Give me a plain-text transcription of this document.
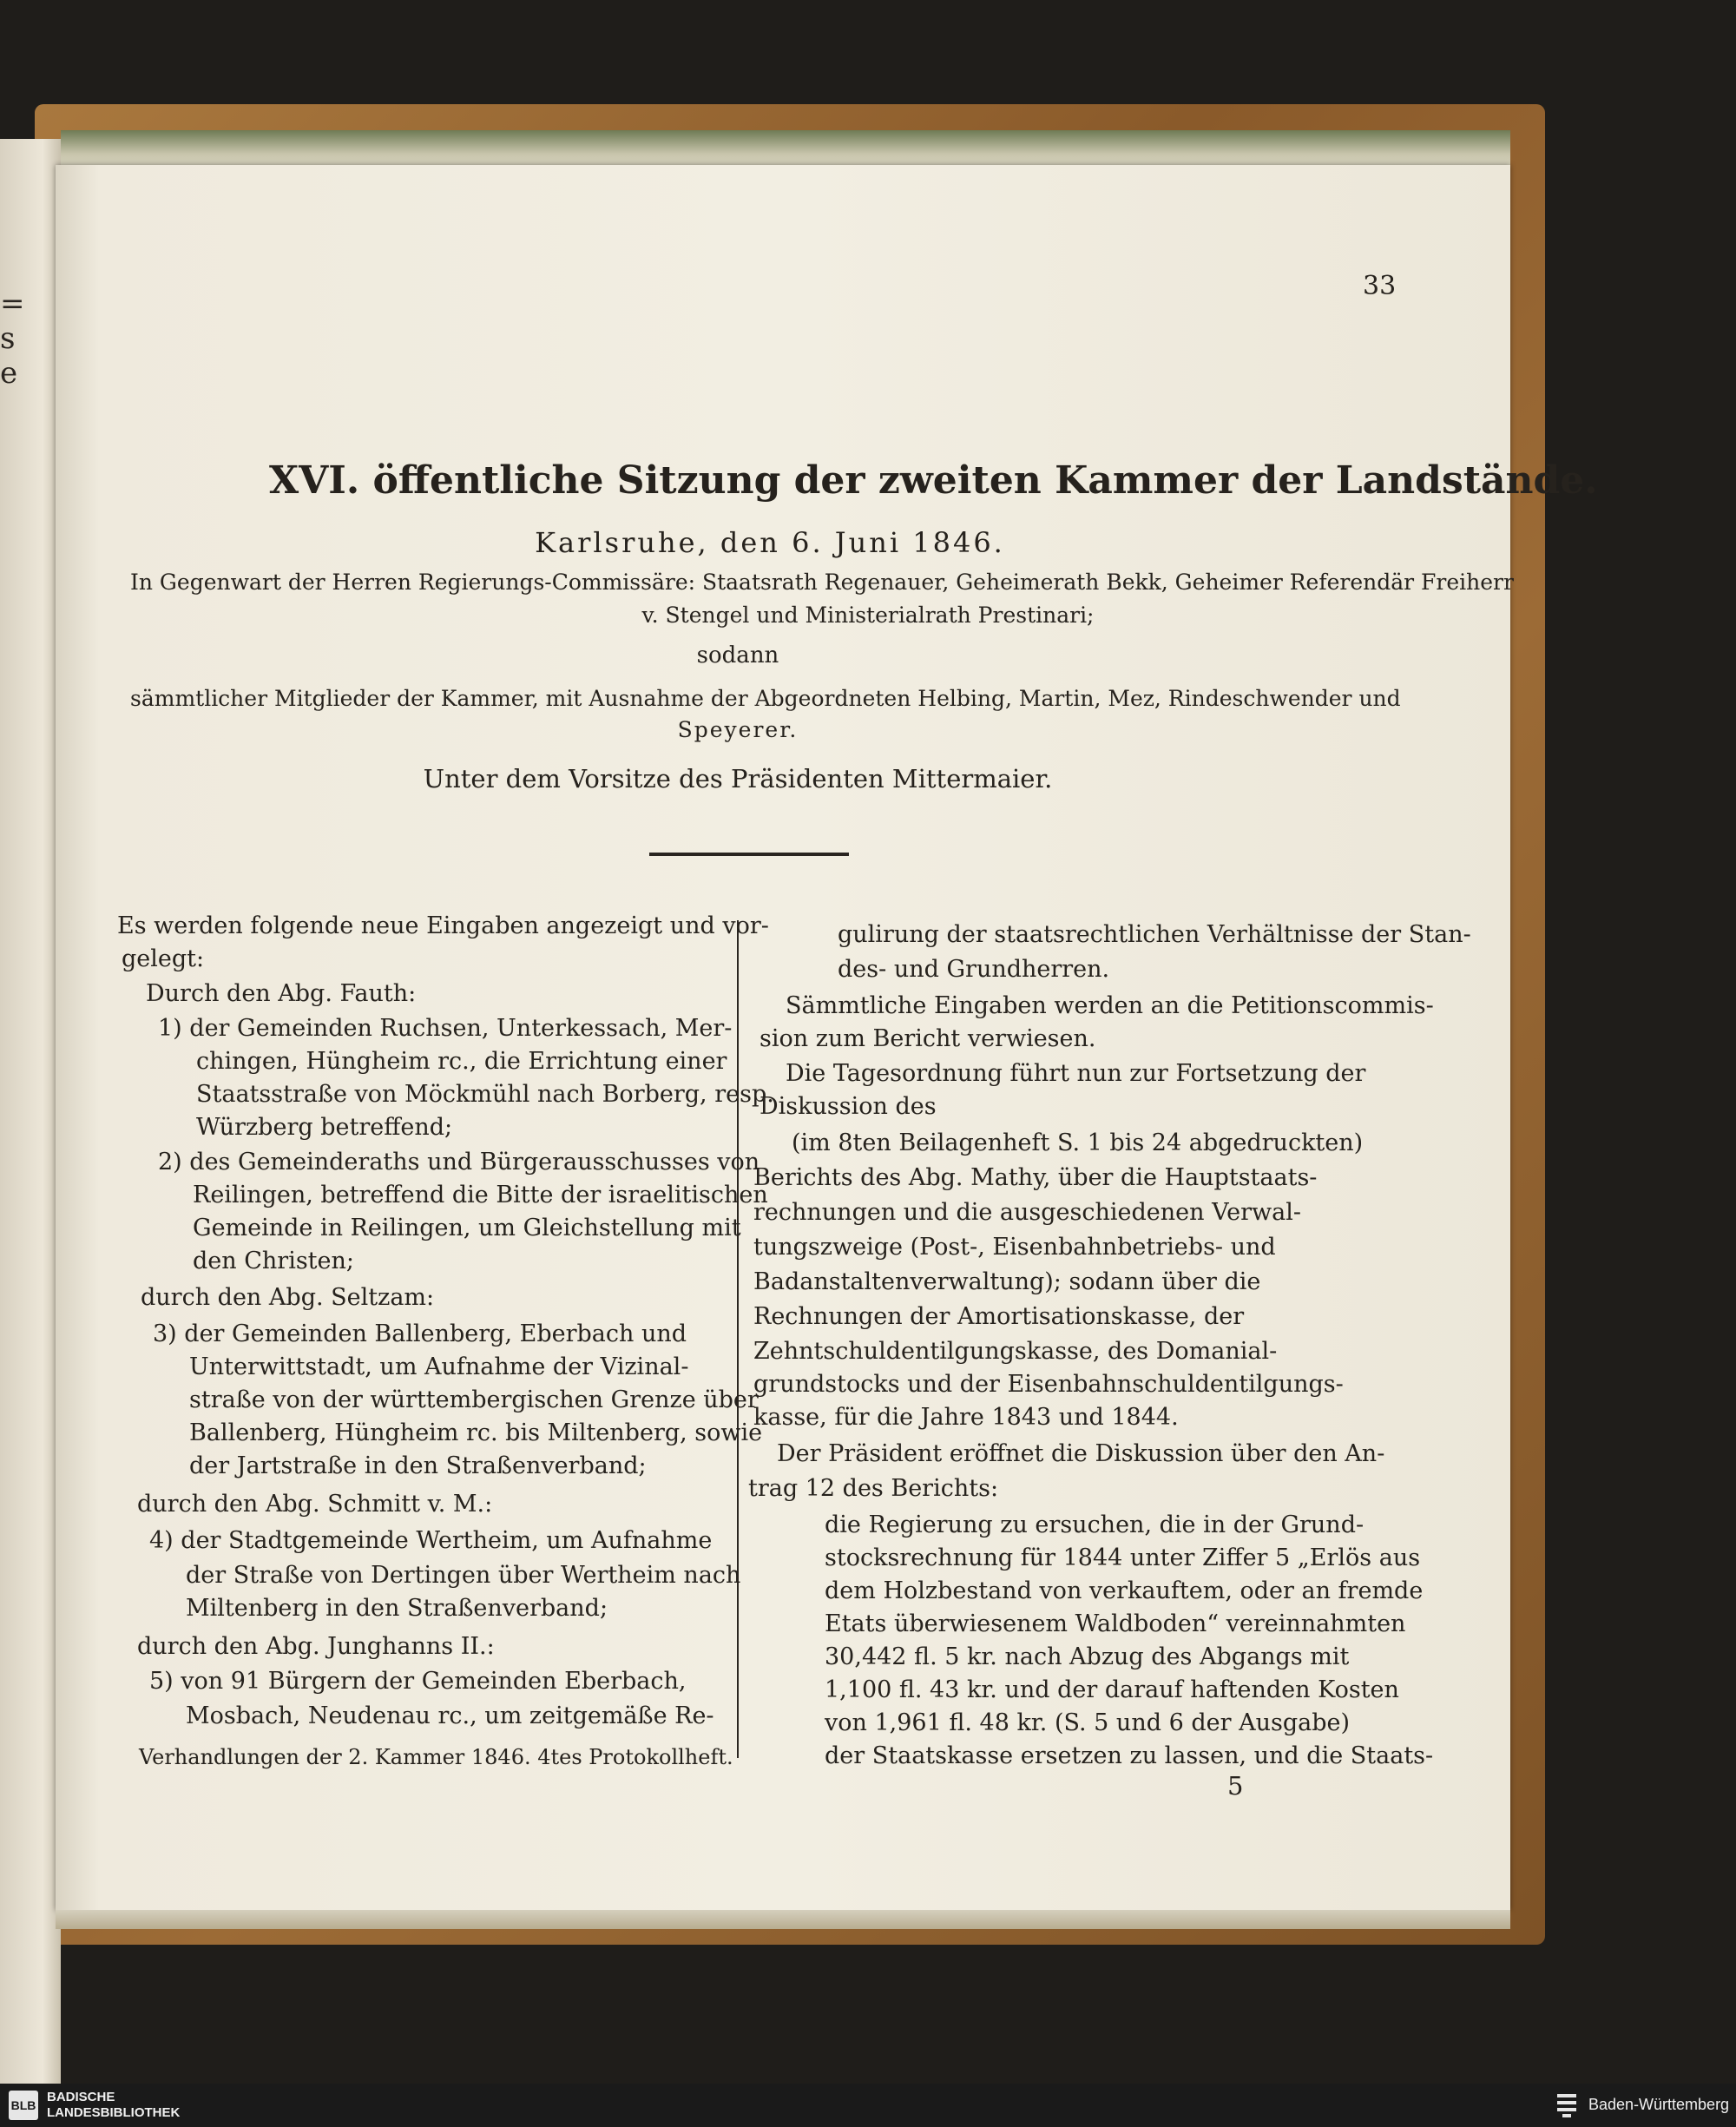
=
s
e
33
XVI. öffentliche Sitzung der zweiten Kammer der Landstände.
Karlsruhe, den 6. Juni 1846.
In Gegenwart der Herren Regierungs-Commissäre: Staatsrath Regenauer, Geheimerath Bekk, Geheimer Referendär Freiherr
v. Stengel und Ministerialrath Prestinari;
sodann
sämmtlicher Mitglieder der Kammer, mit Ausnahme der Abgeordneten Helbing, Martin, Mez, Rindeschwender und
Speyerer.
Unter dem Vorsitze des Präsidenten Mittermaier.
Es werden folgende neue Eingaben angezeigt und vor-
gelegt:
Durch den Abg. Fauth:
1) der Gemeinden Ruchsen, Unterkessach, Mer-
chingen, Hüngheim rc., die Errichtung einer
Staatsstraße von Möckmühl nach Borberg, resp.
Würzberg betreffend;
2) des Gemeinderaths und Bürgerausschusses von
Reilingen, betreffend die Bitte der israelitischen
Gemeinde in Reilingen, um Gleichstellung mit
den Christen;
durch den Abg. Seltzam:
3) der Gemeinden Ballenberg, Eberbach und
Unterwittstadt, um Aufnahme der Vizinal-
straße von der württembergischen Grenze über
Ballenberg, Hüngheim rc. bis Miltenberg, sowie
der Jartstraße in den Straßenverband;
durch den Abg. Schmitt v. M.:
4) der Stadtgemeinde Wertheim, um Aufnahme
der Straße von Dertingen über Wertheim nach
Miltenberg in den Straßenverband;
durch den Abg. Junghanns II.:
5) von 91 Bürgern der Gemeinden Eberbach,
Mosbach, Neudenau rc., um zeitgemäße Re-
gulirung der staatsrechtlichen Verhältnisse der Stan-
des- und Grundherren.
Sämmtliche Eingaben werden an die Petitionscommis-
sion zum Bericht verwiesen.
Die Tagesordnung führt nun zur Fortsetzung der
Diskussion des
(im 8ten Beilagenheft S. 1 bis 24 abgedruckten)
Berichts des Abg. Mathy, über die Hauptstaats-
rechnungen und die ausgeschiedenen Verwal-
tungszweige (Post-, Eisenbahnbetriebs- und
Badanstaltenverwaltung); sodann über die
Rechnungen der Amortisationskasse, der
Zehntschuldentilgungskasse, des Domanial-
grundstocks und der Eisenbahnschuldentilgungs-
kasse, für die Jahre 1843 und 1844.
Der Präsident eröffnet die Diskussion über den An-
trag 12 des Berichts:
die Regierung zu ersuchen, die in der Grund-
stocksrechnung für 1844 unter Ziffer 5 „Erlös aus
dem Holzbestand von verkauftem, oder an fremde
Etats überwiesenem Waldboden“ vereinnahmten
30,442 fl. 5 kr. nach Abzug des Abgangs mit
1,100 fl. 43 kr. und der darauf haftenden Kosten
von 1,961 fl. 48 kr. (S. 5 und 6 der Ausgabe)
der Staatskasse ersetzen zu lassen, und die Staats-
Verhandlungen der 2. Kammer 1846. 4tes Protokollheft.
5
BLB
BADISCHE
LANDESBIBLIOTHEK	Baden-Württemberg
